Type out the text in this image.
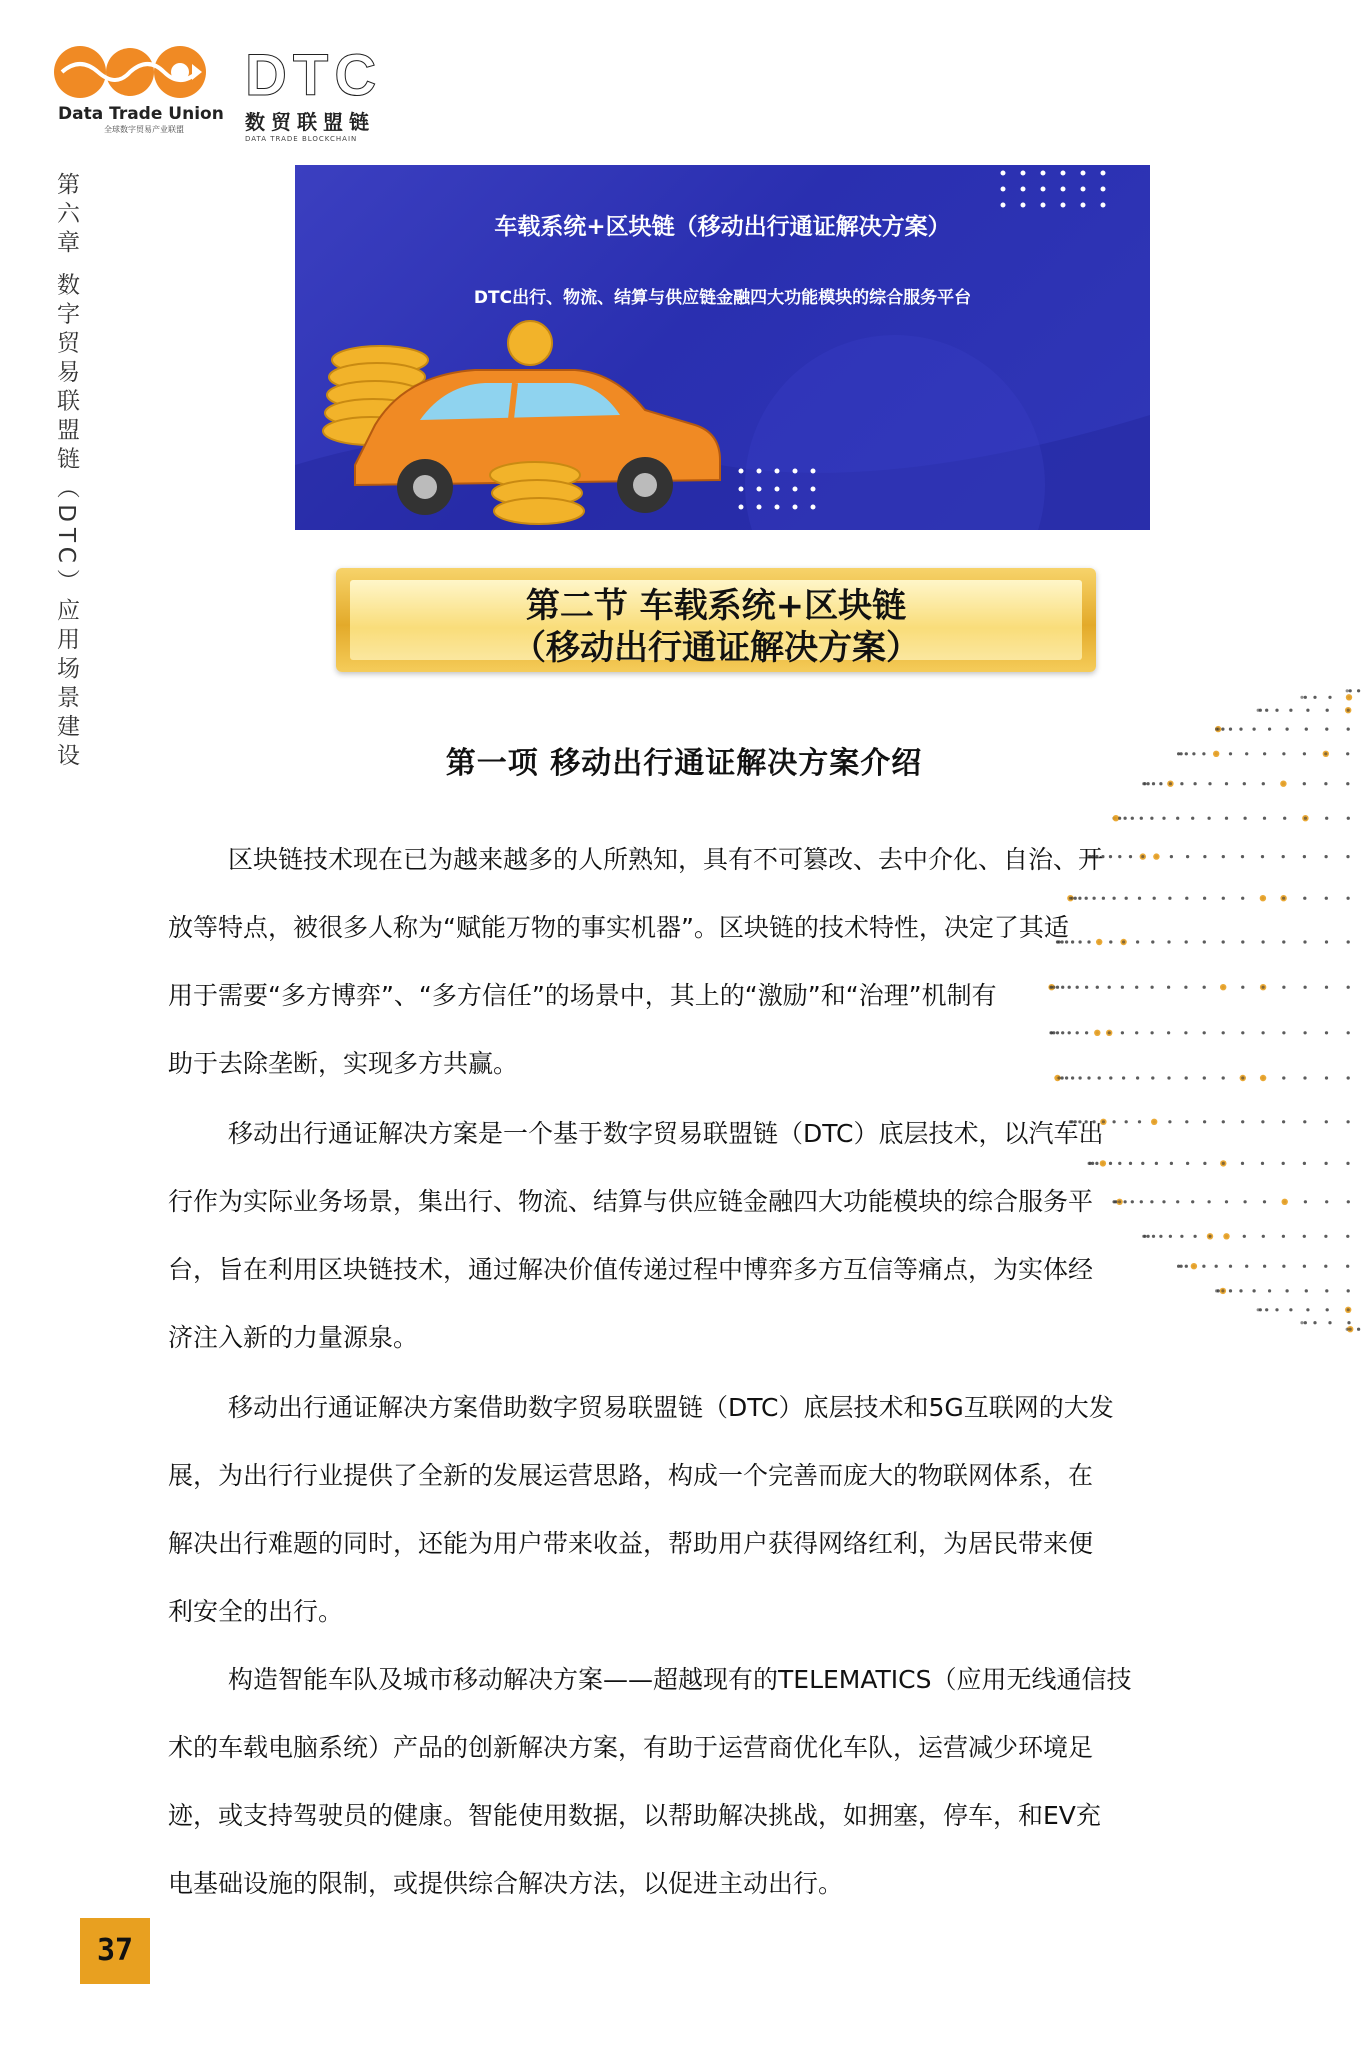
Data Trade Union
全球数字贸易产业联盟
DTC
数贸联盟链
DATA TRADE BLOCKCHAIN
第六章 数字贸易联盟链（DTC）应用场景建设	车载系统+区块链（移动出行通证解决方案）
DTC出行、物流、结算与供应链金融四大功能模块的综合服务平台
第二节 车载系统+区块链
（移动出行通证解决方案）
第一项 移动出行通证解决方案介绍
区块链技术现在已为越来越多的人所熟知，具有不可篡改、去中介化、自治、开
放等特点，被很多人称为“赋能万物的事实机器”。区块链的技术特性，决定了其适
用于需要“多方博弈”、“多方信任”的场景中，其上的“激励”和“治理”机制有
助于去除垄断，实现多方共赢。
移动出行通证解决方案是一个基于数字贸易联盟链（DTC）底层技术，以汽车出
行作为实际业务场景，集出行、物流、结算与供应链金融四大功能模块的综合服务平
台，旨在利用区块链技术，通过解决价值传递过程中博弈多方互信等痛点，为实体经
济注入新的力量源泉。
移动出行通证解决方案借助数字贸易联盟链（DTC）底层技术和5G互联网的大发
展，为出行行业提供了全新的发展运营思路，构成一个完善而庞大的物联网体系，在
解决出行难题的同时，还能为用户带来收益，帮助用户获得网络红利，为居民带来便
利安全的出行。
构造智能车队及城市移动解决方案——超越现有的TELEMATICS（应用无线通信技
术的车载电脑系统）产品的创新解决方案，有助于运营商优化车队，运营减少环境足
迹，或支持驾驶员的健康。智能使用数据，以帮助解决挑战，如拥塞，停车，和EV充
电基础设施的限制，或提供综合解决方法，以促进主动出行。
37
